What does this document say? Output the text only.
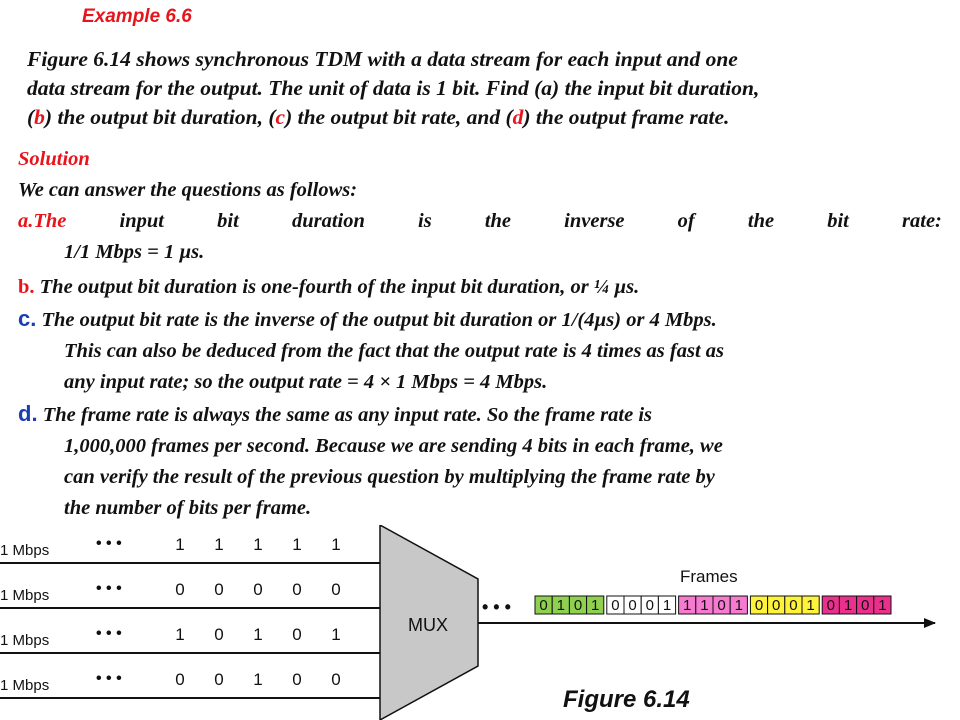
Example 6.6
Figure 6.14 shows synchronous TDM with a data stream for each input and one
data stream for the output. The unit of data is 1 bit. Find (a) the input bit duration,
(b) the output bit duration, (c) the output bit rate, and (d) the output frame rate.
Solution
We can answer the questions as follows:
a.The	input	bit	duration	is	the	inverse	of	the	bit	rate:
1/1 Mbps = 1 µs.
b. The output bit duration is one-fourth of the input bit duration, or ¼ µs.
c. The output bit rate is the inverse of the output bit duration or 1/(4µs) or 4 Mbps.
This can also be deduced from the fact that the output rate is 4 times as fast as
any input rate; so the output rate = 4 × 1 Mbps = 4 Mbps.
d. The frame rate is always the same as any input rate. So the frame rate is
1,000,000 frames per second. Because we are sending 4 bits in each frame, we
can verify the result of the previous question by multiplying the frame rate by
the number of bits per frame.
1 Mbps	• • •	1 1 1 1 1
1 Mbps	• • •	0 0 0 0 0
1 Mbps	• • •	1 0 1 0 1
1 Mbps	• • •	0 0 1 0 0
MUX
• • •
Frames
0 1 0 1 0 0 0 1 1 1 0 1 0 0 0 1 0 1 0 1
Figure 6.14
